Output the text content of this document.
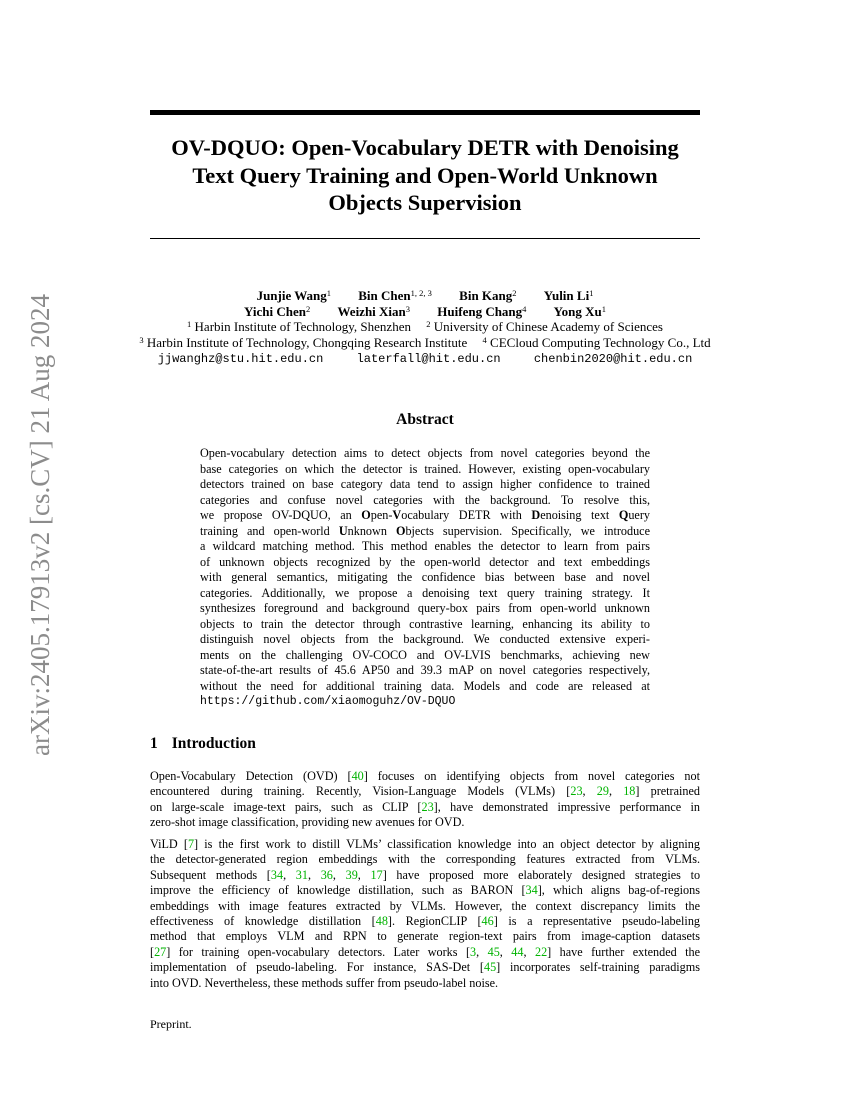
arXiv:2405.17913v2 [cs.CV] 21 Aug 2024
OV-DQUO: Open-Vocabulary DETR with Denoising
Text Query Training and Open-World Unknown
Objects Supervision
Junjie Wang$^1$ Bin Chen$^{1, 2, 3}$ Bin Kang$^2$ Yulin Li$^1$
Yichi Chen$^2$ Weizhi Xian$^3$ Huifeng Chang$^4$ Yong Xu$^1$
$^1$ Harbin Institute of Technology, Shenzhen $^2$ University of Chinese Academy of Sciences
$^3$ Harbin Institute of Technology, Chongqing Research Institute $^4$ CECloud Computing Technology Co., Ltd
jjwanghz@stu.hit.edu.cn	laterfall@hit.edu.cn	chenbin2020@hit.edu.cn
Abstract
Open-vocabulary detection aims to detect objects from novel categories beyond the
base categories on which the detector is trained. However, existing open-vocabulary
detectors trained on base category data tend to assign higher confidence to trained
categories and confuse novel categories with the background. To resolve this,
we propose OV-DQUO, an Open-Vocabulary DETR with Denoising text Query
training and open-world Unknown Objects supervision. Specifically, we introduce
a wildcard matching method. This method enables the detector to learn from pairs
of unknown objects recognized by the open-world detector and text embeddings
with general semantics, mitigating the confidence bias between base and novel
categories. Additionally, we propose a denoising text query training strategy. It
synthesizes foreground and background query-box pairs from open-world unknown
objects to train the detector through contrastive learning, enhancing its ability to
distinguish novel objects from the background. We conducted extensive experi-
ments on the challenging OV-COCO and OV-LVIS benchmarks, achieving new
state-of-the-art results of 45.6 AP50 and 39.3 mAP on novel categories respectively,
without the need for additional training data. Models and code are released at
https://github.com/xiaomoguhz/OV-DQUO
1 Introduction
Open-Vocabulary Detection (OVD) [40] focuses on identifying objects from novel categories not
encountered during training. Recently, Vision-Language Models (VLMs) [23, 29, 18] pretrained
on large-scale image-text pairs, such as CLIP [23], have demonstrated impressive performance in
zero-shot image classification, providing new avenues for OVD.
ViLD [7] is the first work to distill VLMs’ classification knowledge into an object detector by aligning
the detector-generated region embeddings with the corresponding features extracted from VLMs.
Subsequent methods [34, 31, 36, 39, 17] have proposed more elaborately designed strategies to
improve the efficiency of knowledge distillation, such as BARON [34], which aligns bag-of-regions
embeddings with image features extracted by VLMs. However, the context discrepancy limits the
effectiveness of knowledge distillation [48]. RegionCLIP [46] is a representative pseudo-labeling
method that employs VLM and RPN to generate region-text pairs from image-caption datasets
[27] for training open-vocabulary detectors. Later works [3, 45, 44, 22] have further extended the
implementation of pseudo-labeling. For instance, SAS-Det [45] incorporates self-training paradigms
into OVD. Nevertheless, these methods suffer from pseudo-label noise.
Preprint.
